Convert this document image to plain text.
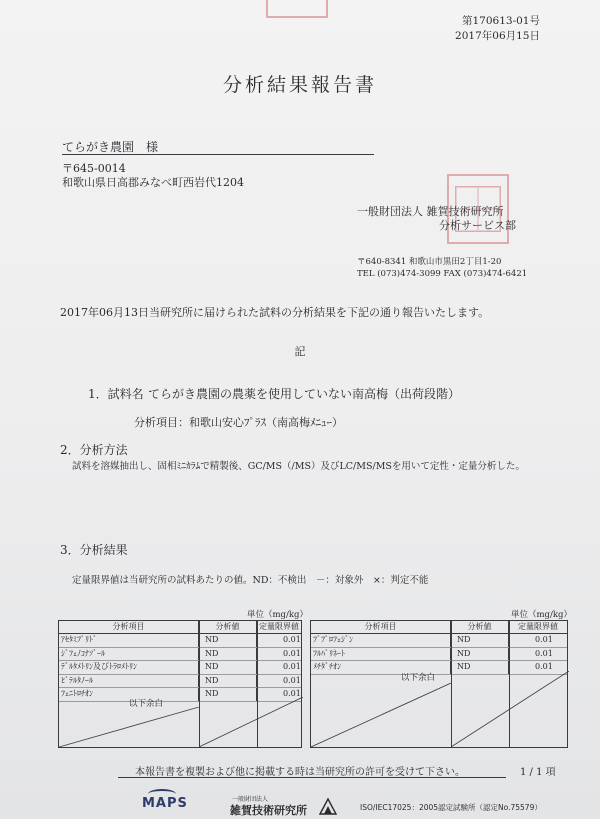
第170613-01号
2017年06月15日
分析結果報告書
てらがき農園　様
〒645-0014
和歌山県日高郡みなべ町西岩代1204
一般財団法人 雑賀技術研究所
分析サービス部
〒640-8341 和歌山市黒田2丁目1-20
TEL (073)474-3099 FAX (073)474-6421
2017年06月13日当研究所に届けられた試料の分析結果を下記の通り報告いたします。
記
1．試料名 てらがき農園の農薬を使用していない南高梅（出荷段階）
分析項目：和歌山安心ﾌﾟﾗｽ（南高梅ﾒﾆｭｰ）
2．分析方法
試料を溶媒抽出し、固相ﾐﾆｶﾗﾑで精製後、GC/MS（/MS）及びLC/MS/MSを用いて定性・定量分析した。
3．分析結果
定量限界値は当研究所の試料あたりの値。ND：不検出　－：対象外　×：判定不能
単位（mg/kg）
分析項目	分析値	定量限界値
ｱｾﾀﾐﾌﾟﾘﾄﾞ	ND	0.01
ｼﾞﾌｪﾉｺﾅｿﾞｰﾙ	ND	0.01
ﾃﾞﾙﾀﾒﾄﾘﾝ及びﾄﾗﾛﾒﾄﾘﾝ	ND	0.01
ﾋﾞﾃﾙﾀﾉｰﾙ	ND	0.01
ﾌｪﾆﾄﾛﾁｵﾝ	ND	0.01
以下余白
単位（mg/kg）
分析項目	分析値	定量限界値
ﾌﾞﾌﾟﾛﾌｪｼﾞﾝ	ND	0.01
ﾌﾙﾊﾞﾘﾈｰﾄ	ND	0.01
ﾒﾁﾀﾞﾁｵﾝ	ND	0.01
以下余白
本報告書を複製および他に掲載する時は当研究所の許可を受けて下さい。	1 / 1 項
MAPS	一般財団法人
雑賀技術研究所	ISO/IEC17025：2005認定試験所（認定No.75579）
